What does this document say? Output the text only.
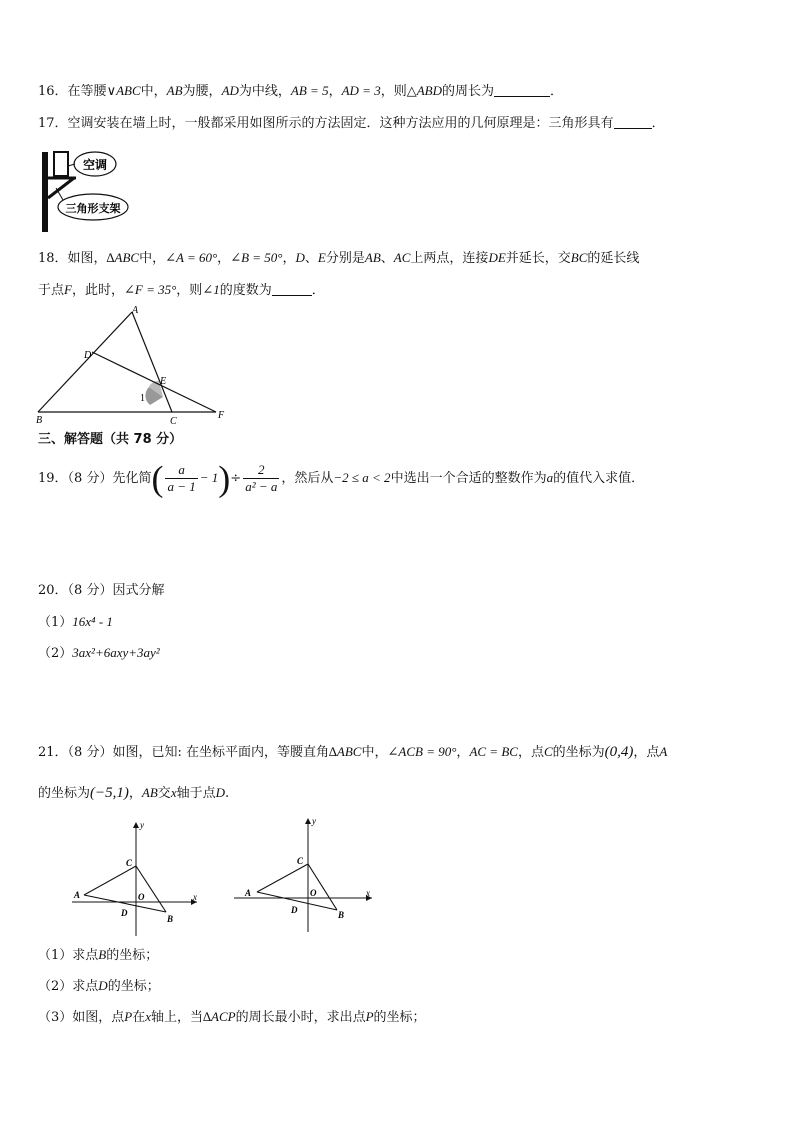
16．在等腰∨ABC中，AB为腰，AD为中线，AB = 5，AD = 3，则△ABD的周长为	．
17．空调安装在墙上时，一般都采用如图所示的方法固定．这种方法应用的几何原理是：三角形具有	．
空调
三角形支架
18．如图，∆ABC中，∠A = 60°，∠B = 50°，D、E分别是AB、AC上两点，连接DE并延长，交BC的延长线
于点F，此时，∠F = 35°，则∠1的度数为	．
A
B	C
D
E
F
1
三、解答题（共 78 分）
19．（8 分）先化简( $\frac{a}{a - 1} - 1)\div \frac{2}{\text{a² − a}}$ ，然后从−2 ≤ a < 2中选出一个合适的整数作为a的值代入求值．
20．（8 分）因式分解
（1）16x⁴ - 1
（2）3ax²+6axy+3ay²
21．（8 分）如图，已知: 在坐标平面内，等腰直角∆ABC中，∠ACB = 90°，AC = BC，点C的坐标为(0,4)，点A
的坐标为(−5,1)，AB交x轴于点D.
y
x
C
A	O
D
B
y
x
C
A	O
D	B
（1）求点B的坐标；
（2）求点D的坐标；
（3）如图，点P在x轴上，当∆ACP的周长最小时，求出点P的坐标；
